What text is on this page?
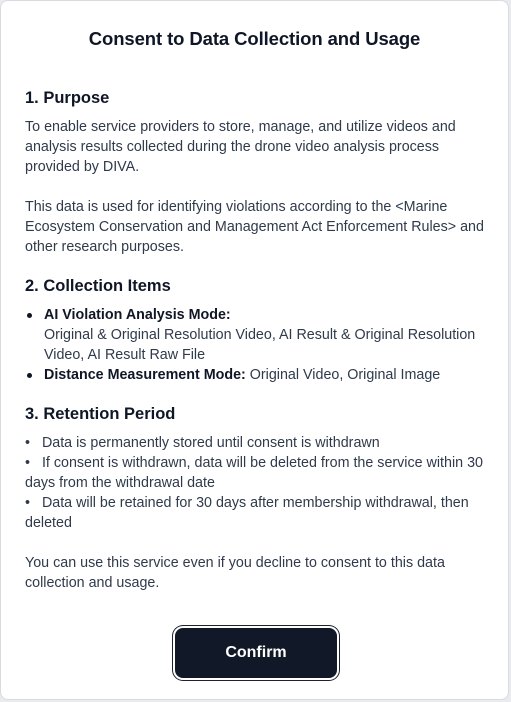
Consent to Data Collection and Usage
1. Purpose

To enable service providers to store, manage, and utilize videos and analysis results collected during the drone video analysis process provided by DIVA.

This data is used for identifying violations according to the <Marine Ecosystem Conservation and Management Act Enforcement Rules> and other research purposes.

2. Collection Items
AI Violation Analysis Mode:
Original & Original Resolution Video, AI Result & Original Resolution Video, AI Result Raw File
Distance Measurement Mode: Original Video, Original Image
3. Retention Period
• Data is permanently stored until consent is withdrawn
• If consent is withdrawn, data will be deleted from the service within 30 days from the withdrawal date
• Data will be retained for 30 days after membership withdrawal, then deleted

You can use this service even if you decline to consent to this data collection and usage.

Confirm
